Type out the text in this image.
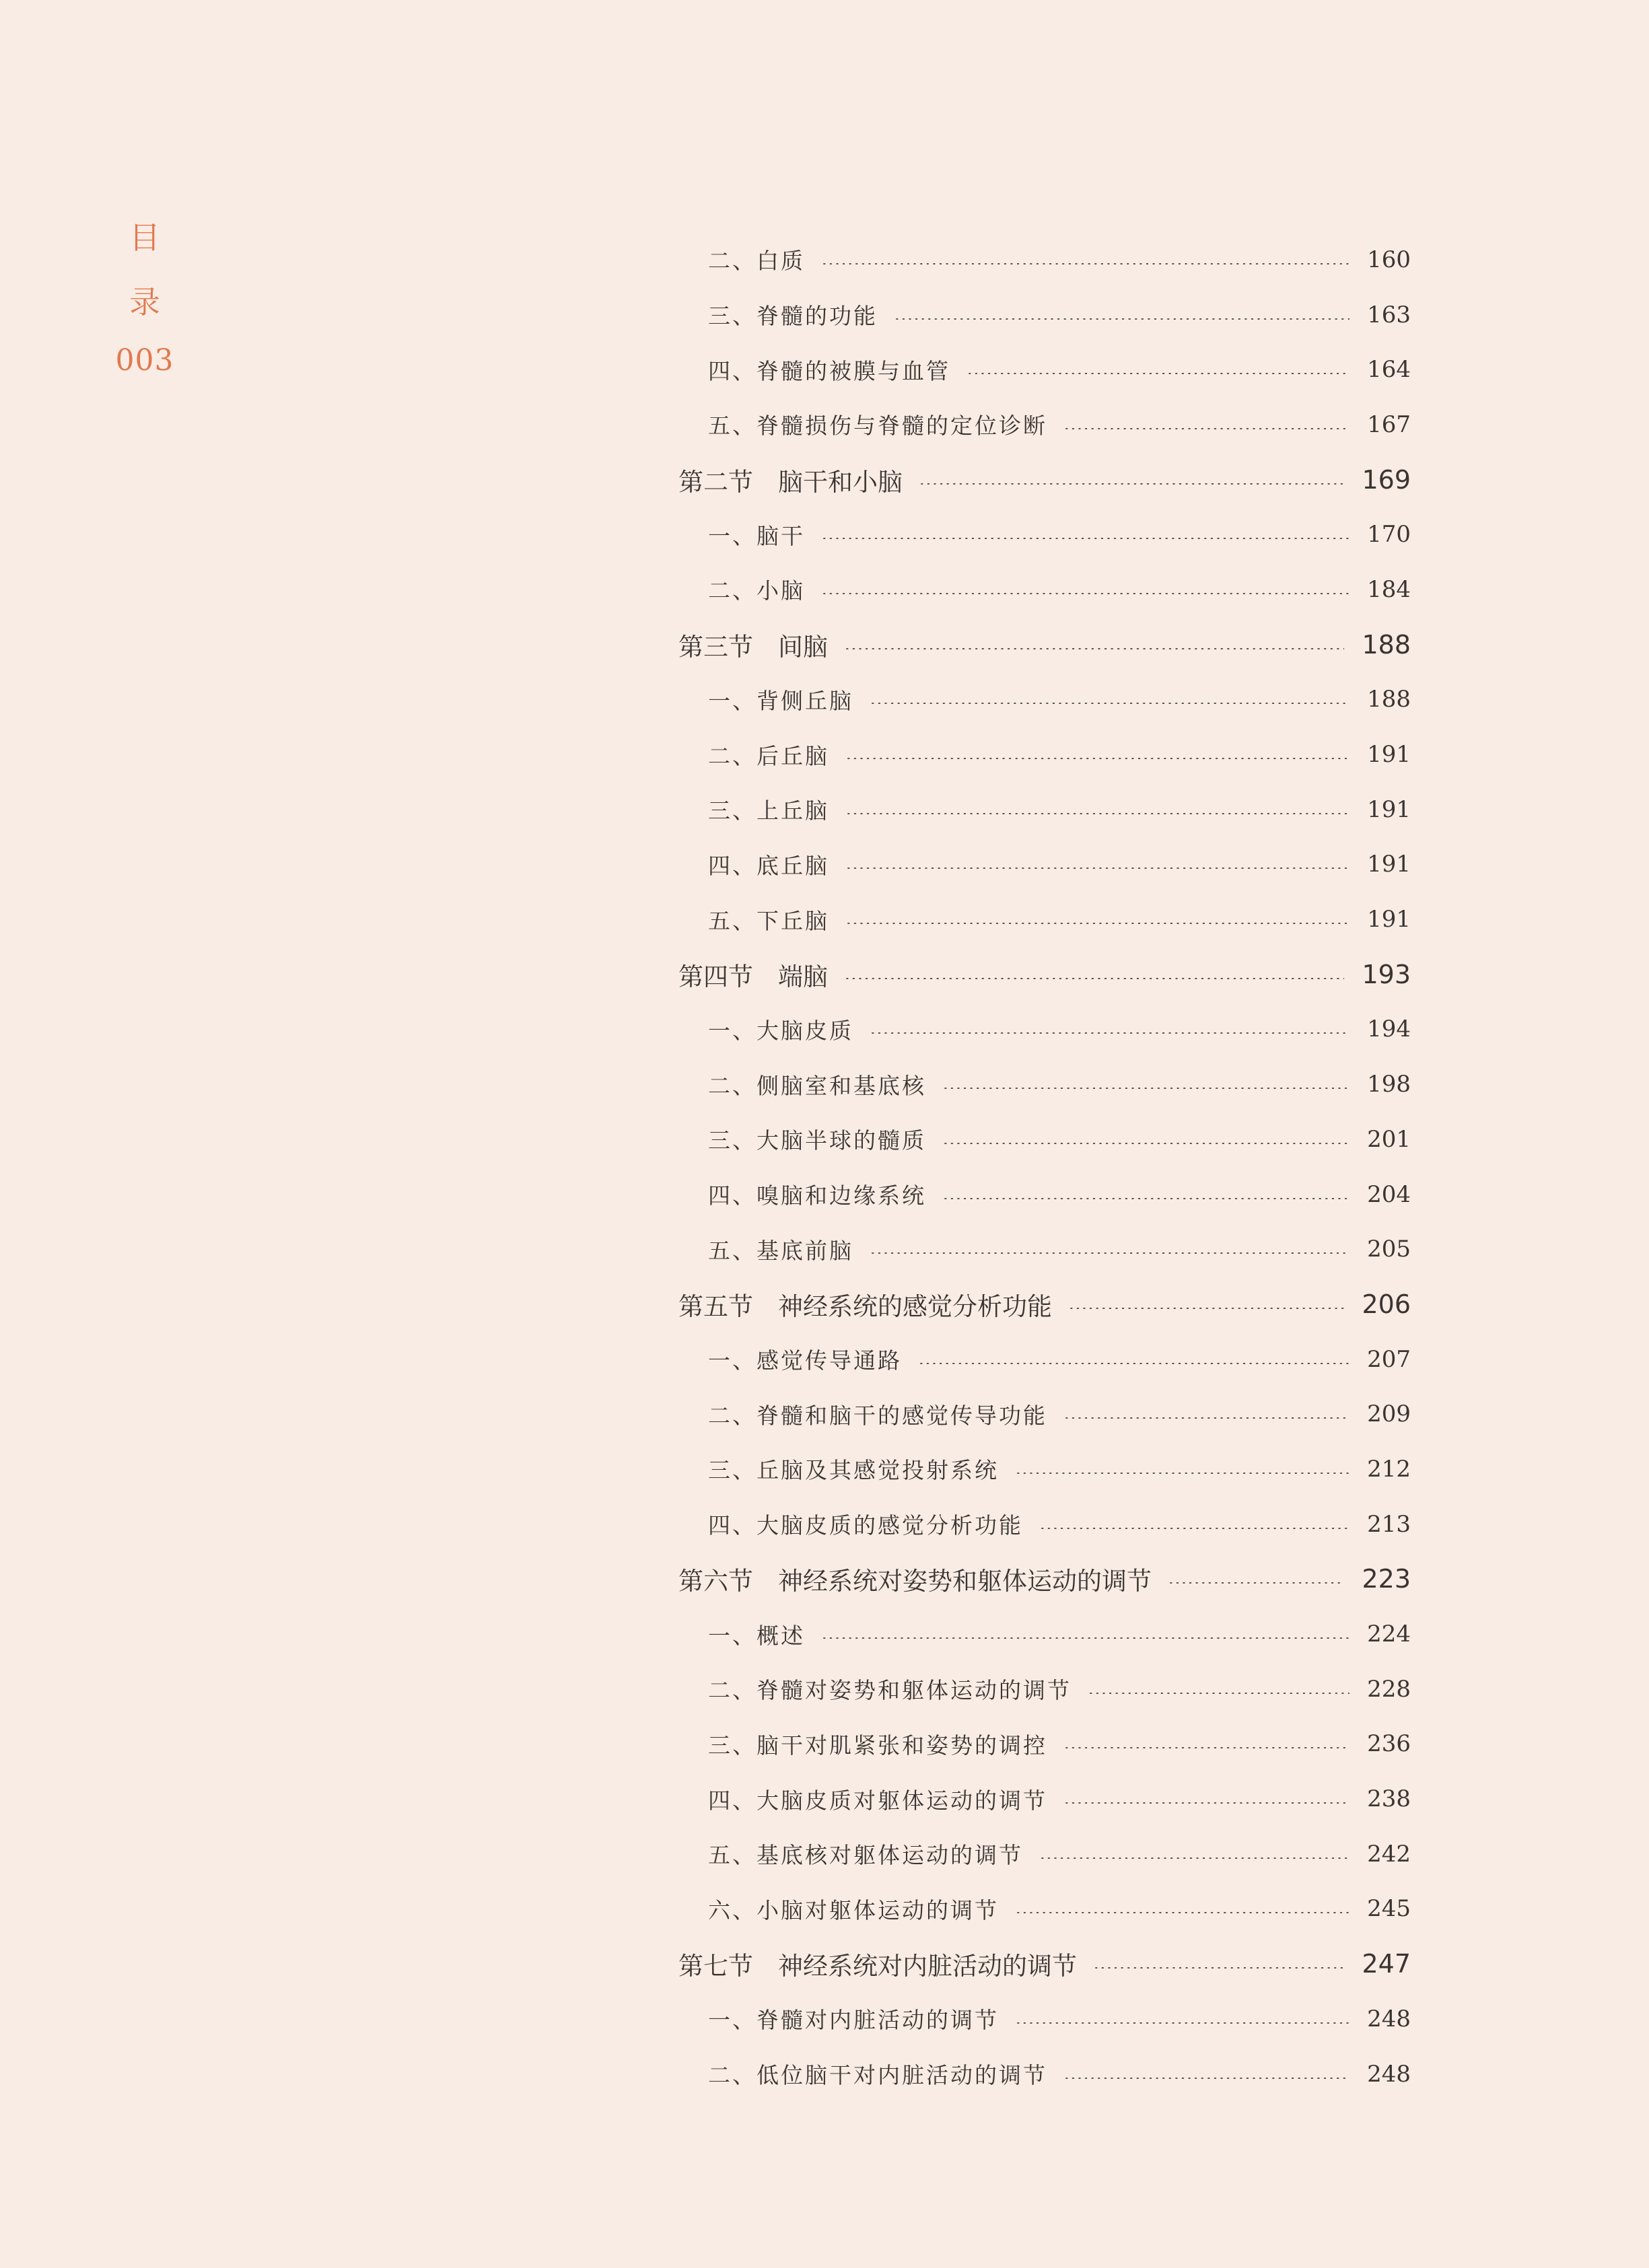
目
录
003
二、白质	160
三、脊髓的功能	163
四、脊髓的被膜与血管	164
五、脊髓损伤与脊髓的定位诊断	167
第二节　脑干和小脑	169
一、脑干	170
二、小脑	184
第三节　间脑	188
一、背侧丘脑	188
二、后丘脑	191
三、上丘脑	191
四、底丘脑	191
五、下丘脑	191
第四节　端脑	193
一、大脑皮质	194
二、侧脑室和基底核	198
三、大脑半球的髓质	201
四、嗅脑和边缘系统	204
五、基底前脑	205
第五节　神经系统的感觉分析功能	206
一、感觉传导通路	207
二、脊髓和脑干的感觉传导功能	209
三、丘脑及其感觉投射系统	212
四、大脑皮质的感觉分析功能	213
第六节　神经系统对姿势和躯体运动的调节	223
一、概述	224
二、脊髓对姿势和躯体运动的调节	228
三、脑干对肌紧张和姿势的调控	236
四、大脑皮质对躯体运动的调节	238
五、基底核对躯体运动的调节	242
六、小脑对躯体运动的调节	245
第七节　神经系统对内脏活动的调节	247
一、脊髓对内脏活动的调节	248
二、低位脑干对内脏活动的调节	248
